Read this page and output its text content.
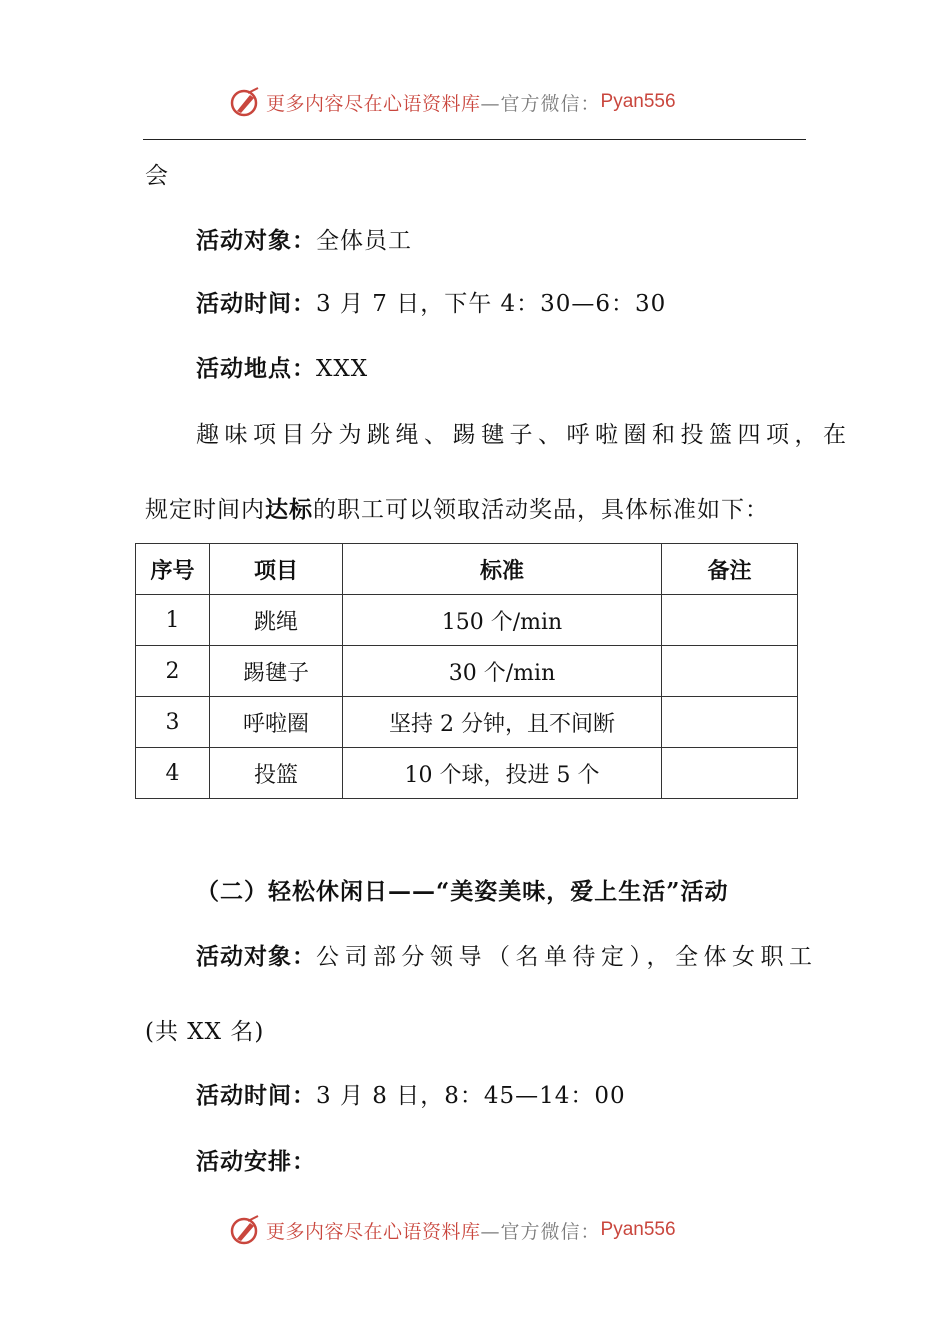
更多内容尽在心语资料库 —官方微信： Pyan556
会
活动对象：全体员工
活动时间：3 月 7 日，下午 4：30—6：30
活动地点：XXX
趣味项目分为跳绳、踢毽子、呼啦圈和投篮四项，在
规定时间内达标的职工可以领取活动奖品，具体标准如下：
序号	项目	标准	备注
1	跳绳	150 个/min	
2	踢毽子	30 个/min	
3	呼啦圈	坚持 2 分钟，且不间断	
4	投篮	10 个球，投进 5 个	
（二）轻松休闲日——“美姿美味，爱上生活”活动
活动对象：公司部分领导（名单待定），全体女职工
(共 XX 名)
活动时间：3 月 8 日，8：45—14：00
活动安排：
更多内容尽在心语资料库 —官方微信： Pyan556
